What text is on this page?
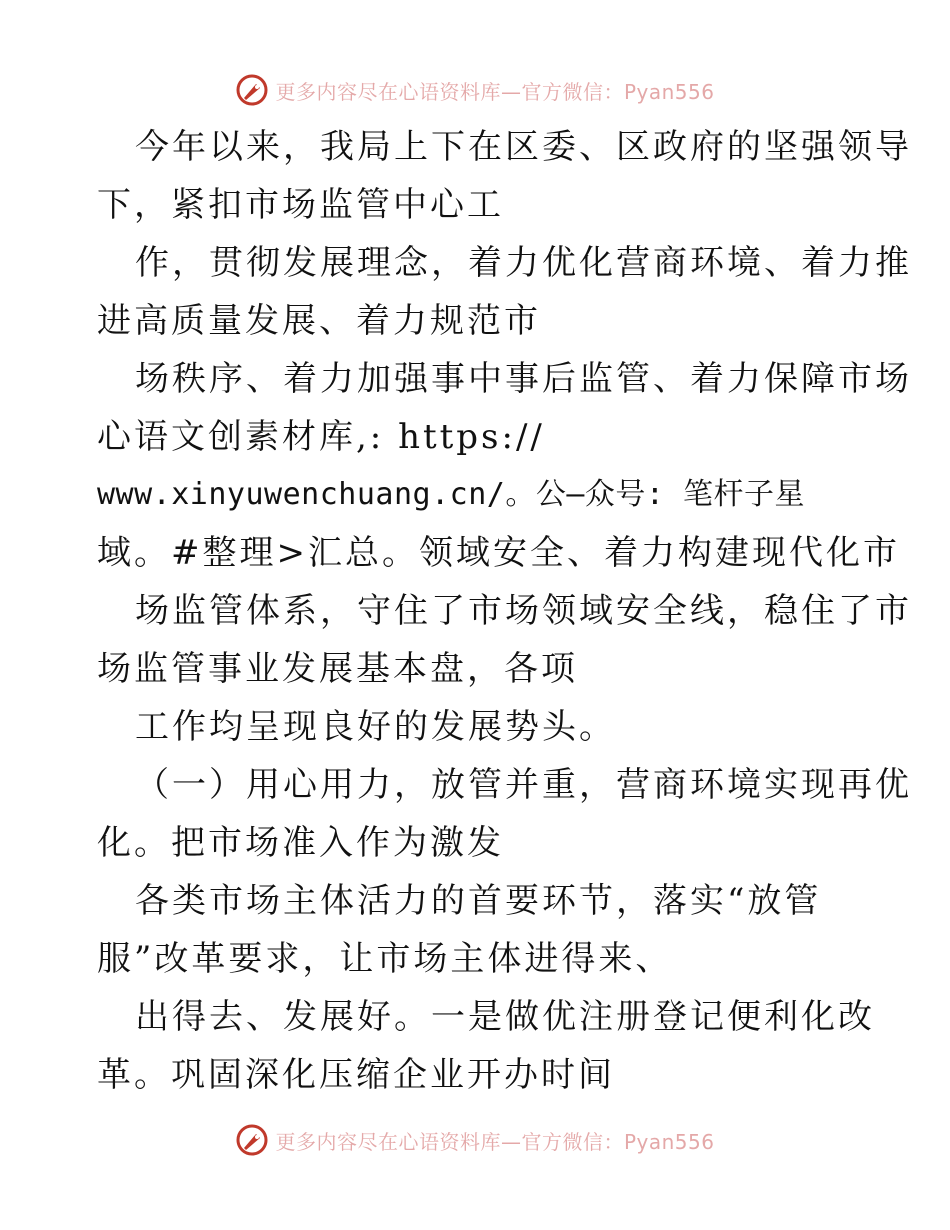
更多内容尽在心语资料库—官方微信：Pyan556
今年以来，我局上下在区委、区政府的坚强领导
下，紧扣市场监管中心工
作，贯彻发展理念，着力优化营商环境、着力推
进高质量发展、着力规范市
场秩序、着力加强事中事后监管、着力保障市场
心语文创素材库,: https://
www.xinyuwenchuang.cn/。公—众号: 笔杆子星
域。#整理>汇总。领域安全、着力构建现代化市
场监管体系，守住了市场领域安全线，稳住了市
场监管事业发展基本盘，各项
工作均呈现良好的发展势头。
（一）用心用力，放管并重，营商环境实现再优
化。把市场准入作为激发
各类市场主体活力的首要环节，落实“放管
服”改革要求，让市场主体进得来、
出得去、发展好。一是做优注册登记便利化改
革。巩固深化压缩企业开办时间
更多内容尽在心语资料库—官方微信：Pyan556
